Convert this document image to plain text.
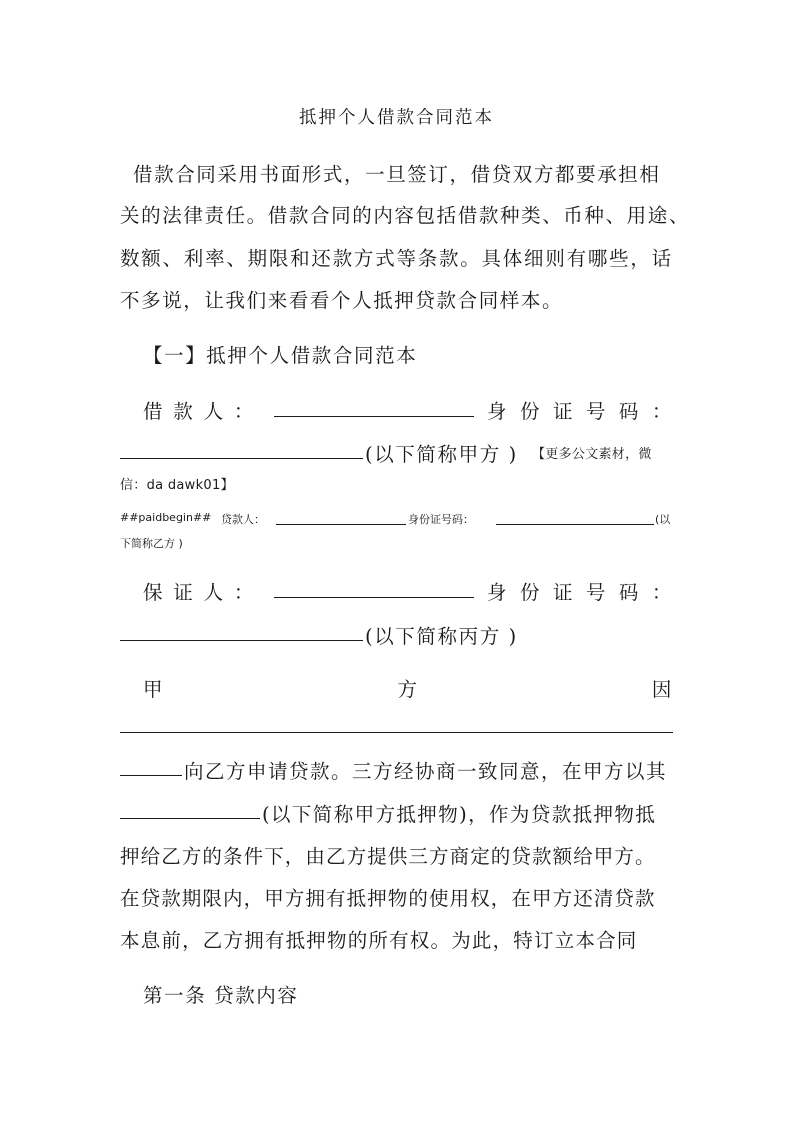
抵押个人借款合同范本

借款合同采用书面形式，一旦签订，借贷双方都要承担相

关 的 法 律 责 任 。 借 款 合 同 的 内 容 包 括 借 款 种 类 、 币 种 、 用 途 、

数 额 、 利 率 、 期 限 和 还 款 方 式 等 条 款 。 具 体 细 则 有 哪 些 ， 话

不多说，让我们来看看个人抵押贷款合同样本。

【一】抵押个人借款合同范本

借 款 人 ：	身 份 证 号 码 ：
(以下简称甲方 ) 【更多公文素材，微

信：da dawk01】

##paidbegin## 贷款人：	身份证号码：	(以

下简称乙方 )

保 证 人 ：	身 份 证 号 码 ：
(以下简称丙方 )
甲	方	因
向乙方申请贷款。三方经协商一致同意，在甲方以其
(以下简称甲方抵押物)，作为贷款抵押物抵

押给乙方的条件下，由乙方提供三方商定的贷款额给甲方。

在贷款期限内，甲方拥有抵押物的使用权，在甲方还清贷款

本息前，乙方拥有抵押物的所有权。为此，特订立本合同

第一条 贷款内容
